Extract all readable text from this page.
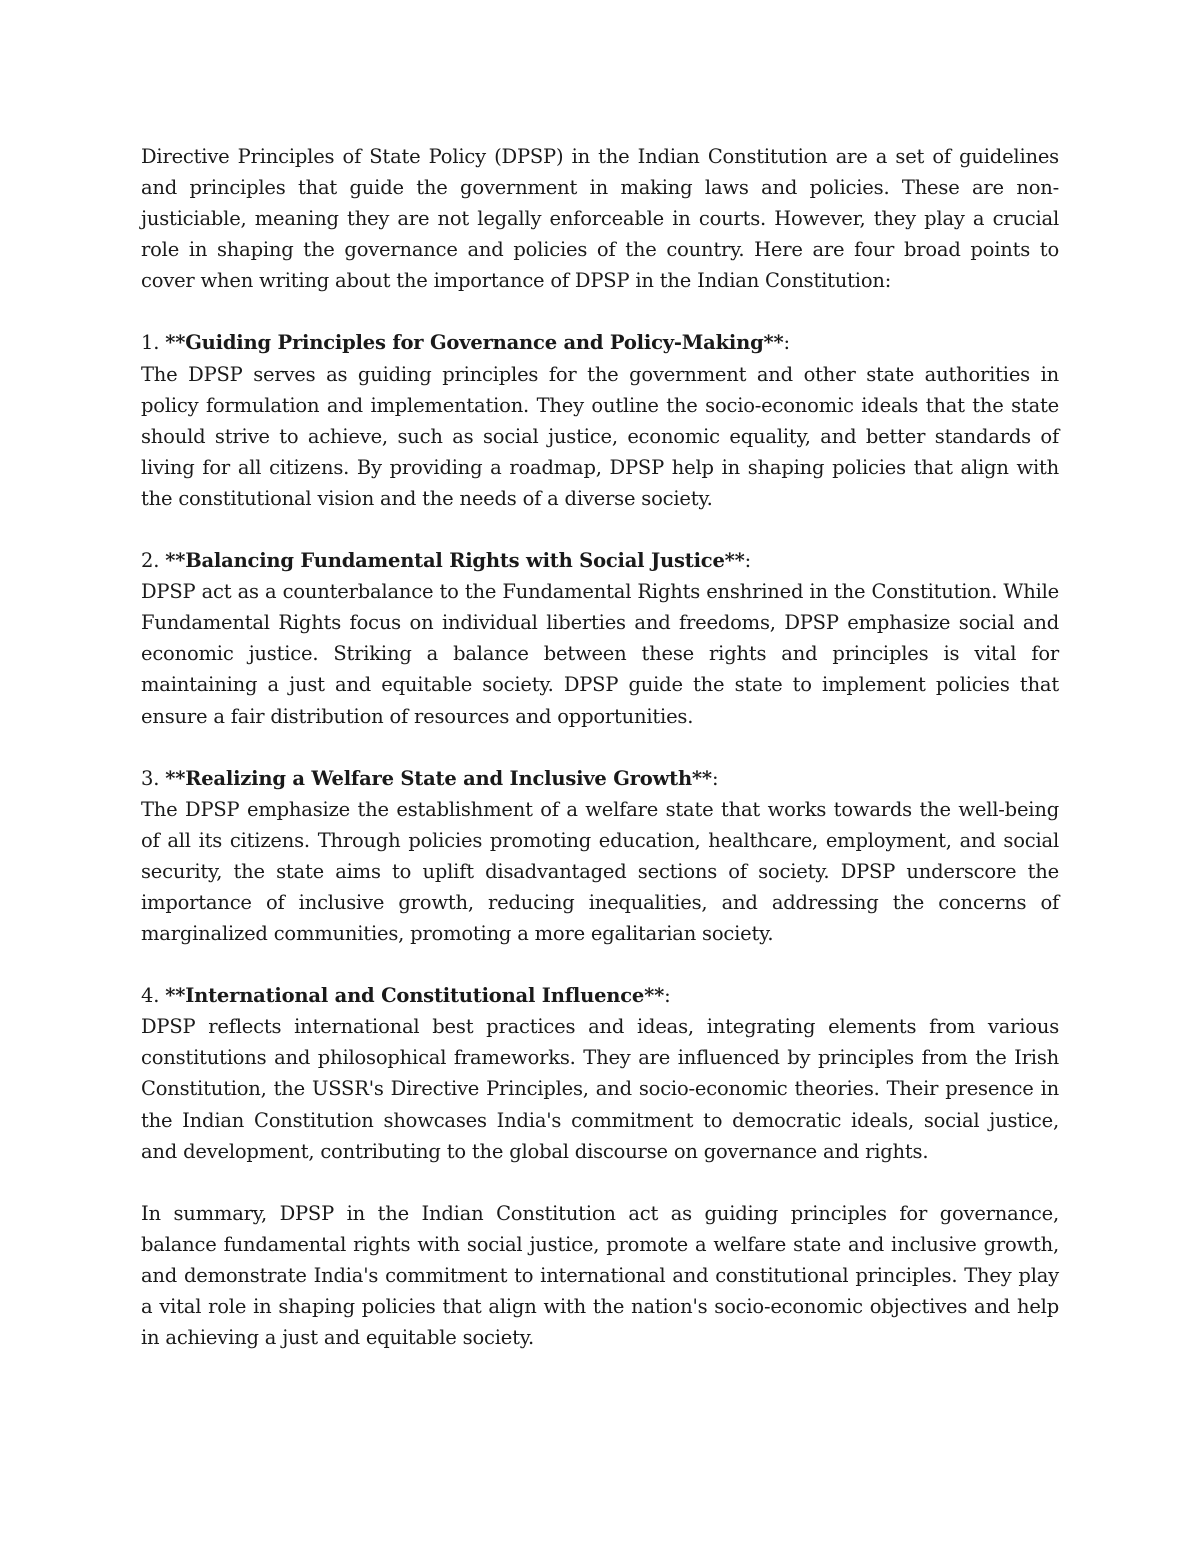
Directive Principles of State Policy (DPSP) in the Indian Constitution are a set of guidelines and principles that guide the government in making laws and policies. These are non-justiciable, meaning they are not legally enforceable in courts. However, they play a crucial role in shaping the governance and policies of the country. Here are four broad points to cover when writing about the importance of DPSP in the Indian Constitution:

1. **Guiding Principles for Governance and Policy-Making**:

The DPSP serves as guiding principles for the government and other state authorities in policy formulation and implementation. They outline the socio-economic ideals that the state should strive to achieve, such as social justice, economic equality, and better standards of living for all citizens. By providing a roadmap, DPSP help in shaping policies that align with the constitutional vision and the needs of a diverse society.

2. **Balancing Fundamental Rights with Social Justice**:

DPSP act as a counterbalance to the Fundamental Rights enshrined in the Constitution. While Fundamental Rights focus on individual liberties and freedoms, DPSP emphasize social and economic justice. Striking a balance between these rights and principles is vital for maintaining a just and equitable society. DPSP guide the state to implement policies that ensure a fair distribution of resources and opportunities.

3. **Realizing a Welfare State and Inclusive Growth**:

The DPSP emphasize the establishment of a welfare state that works towards the well-being of all its citizens. Through policies promoting education, healthcare, employment, and social security, the state aims to uplift disadvantaged sections of society. DPSP underscore the importance of inclusive growth, reducing inequalities, and addressing the concerns of marginalized communities, promoting a more egalitarian society.

4. **International and Constitutional Influence**:

DPSP reflects international best practices and ideas, integrating elements from various constitutions and philosophical frameworks. They are influenced by principles from the Irish Constitution, the USSR's Directive Principles, and socio-economic theories. Their presence in the Indian Constitution showcases India's commitment to democratic ideals, social justice, and development, contributing to the global discourse on governance and rights.

In summary, DPSP in the Indian Constitution act as guiding principles for governance, balance fundamental rights with social justice, promote a welfare state and inclusive growth, and demonstrate India's commitment to international and constitutional principles. They play a vital role in shaping policies that align with the nation's socio-economic objectives and help in achieving a just and equitable society.
